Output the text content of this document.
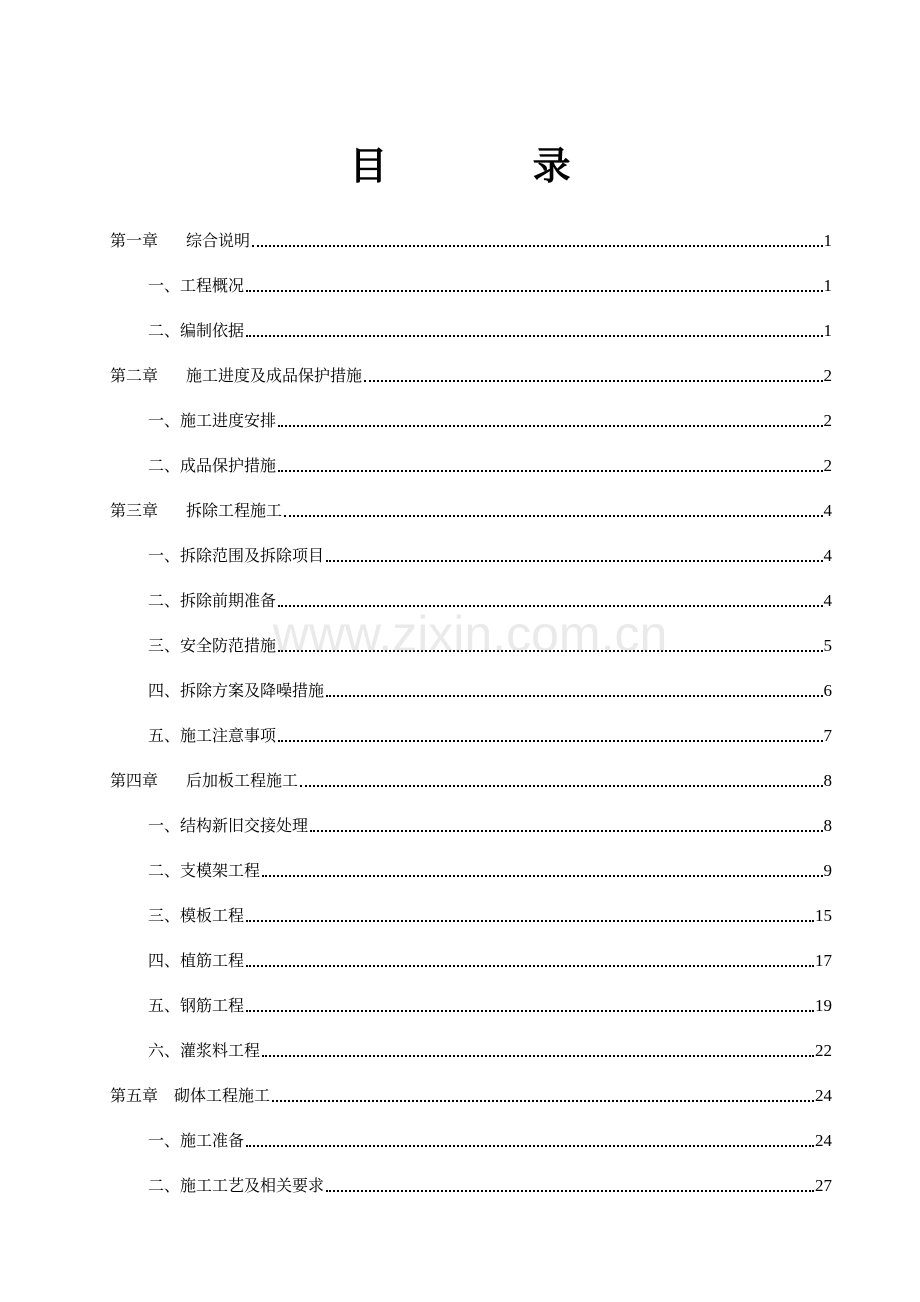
目 录
第一章 综合说明	1
一、工程概况	1
二、编制依据	1
第二章 施工进度及成品保护措施	2
一、施工进度安排	2
二、成品保护措施	2
第三章 拆除工程施工	4
一、拆除范围及拆除项目	4
二、拆除前期准备	4
三、安全防范措施	5
四、拆除方案及降噪措施	6
五、施工注意事项	7
第四章 后加板工程施工	8
一、结构新旧交接处理	8
二、支模架工程	9
三、模板工程	15
四、植筋工程	17
五、钢筋工程	19
六、灌浆料工程	22
第五章 砌体工程施工	24
一、施工准备	24
二、施工工艺及相关要求	27
www.zixin.com.cn
